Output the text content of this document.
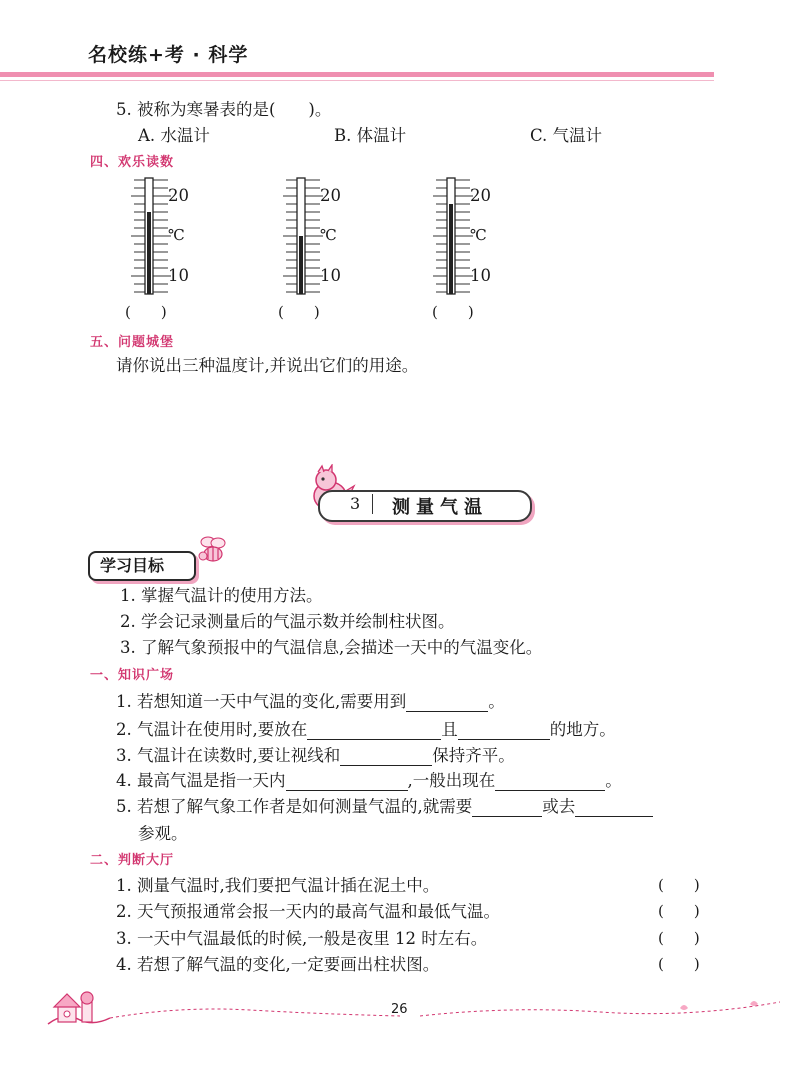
名校练+考 · 科学
5. 被称为寒暑表的是(　　)。
A. 水温计	B. 体温计	C. 气温计
四、欢乐读数
20
℃
10
(　　)
20
℃
10
(　　)
20
℃
10
(　　)
五、问题城堡
请你说出三种温度计,并说出它们的用途。
3 测量气温
学习目标
1. 掌握气温计的使用方法。
2. 学会记录测量后的气温示数并绘制柱状图。
3. 了解气象预报中的气温信息,会描述一天中的气温变化。
一、知识广场
1. 若想知道一天中气温的变化,需要用到	。
2. 气温计在使用时,要放在	且	的地方。
3. 气温计在读数时,要让视线和	保持齐平。
4. 最高气温是指一天内	,一般出现在	。
5. 若想了解气象工作者是如何测量气温的,就需要	或去
参观。
二、判断大厅
1. 测量气温时,我们要把气温计插在泥土中。	(　　)
2. 天气预报通常会报一天内的最高气温和最低气温。	(　　)
3. 一天中气温最低的时候,一般是夜里 12 时左右。	(　　)
4. 若想了解气温的变化,一定要画出柱状图。	(　　)
26
